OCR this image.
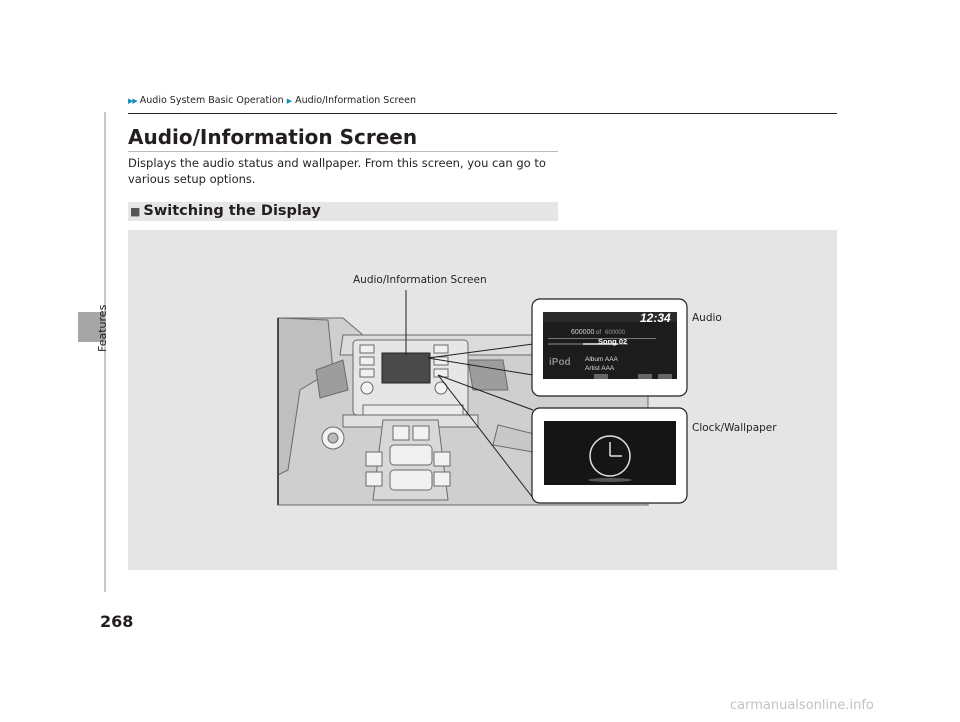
Features
▶▶ Audio System Basic Operation ▶ Audio/Information Screen
Audio/Information Screen

Displays the audio status and wallpaper. From this screen, you can go to various setup options.

■ Switching the Display
12:34
600000 of 600000
Song 02
iPod Album AAA
Artist AAA
Audio/Information Screen
Audio
Clock/Wallpaper
268
carmanualsonline.info
